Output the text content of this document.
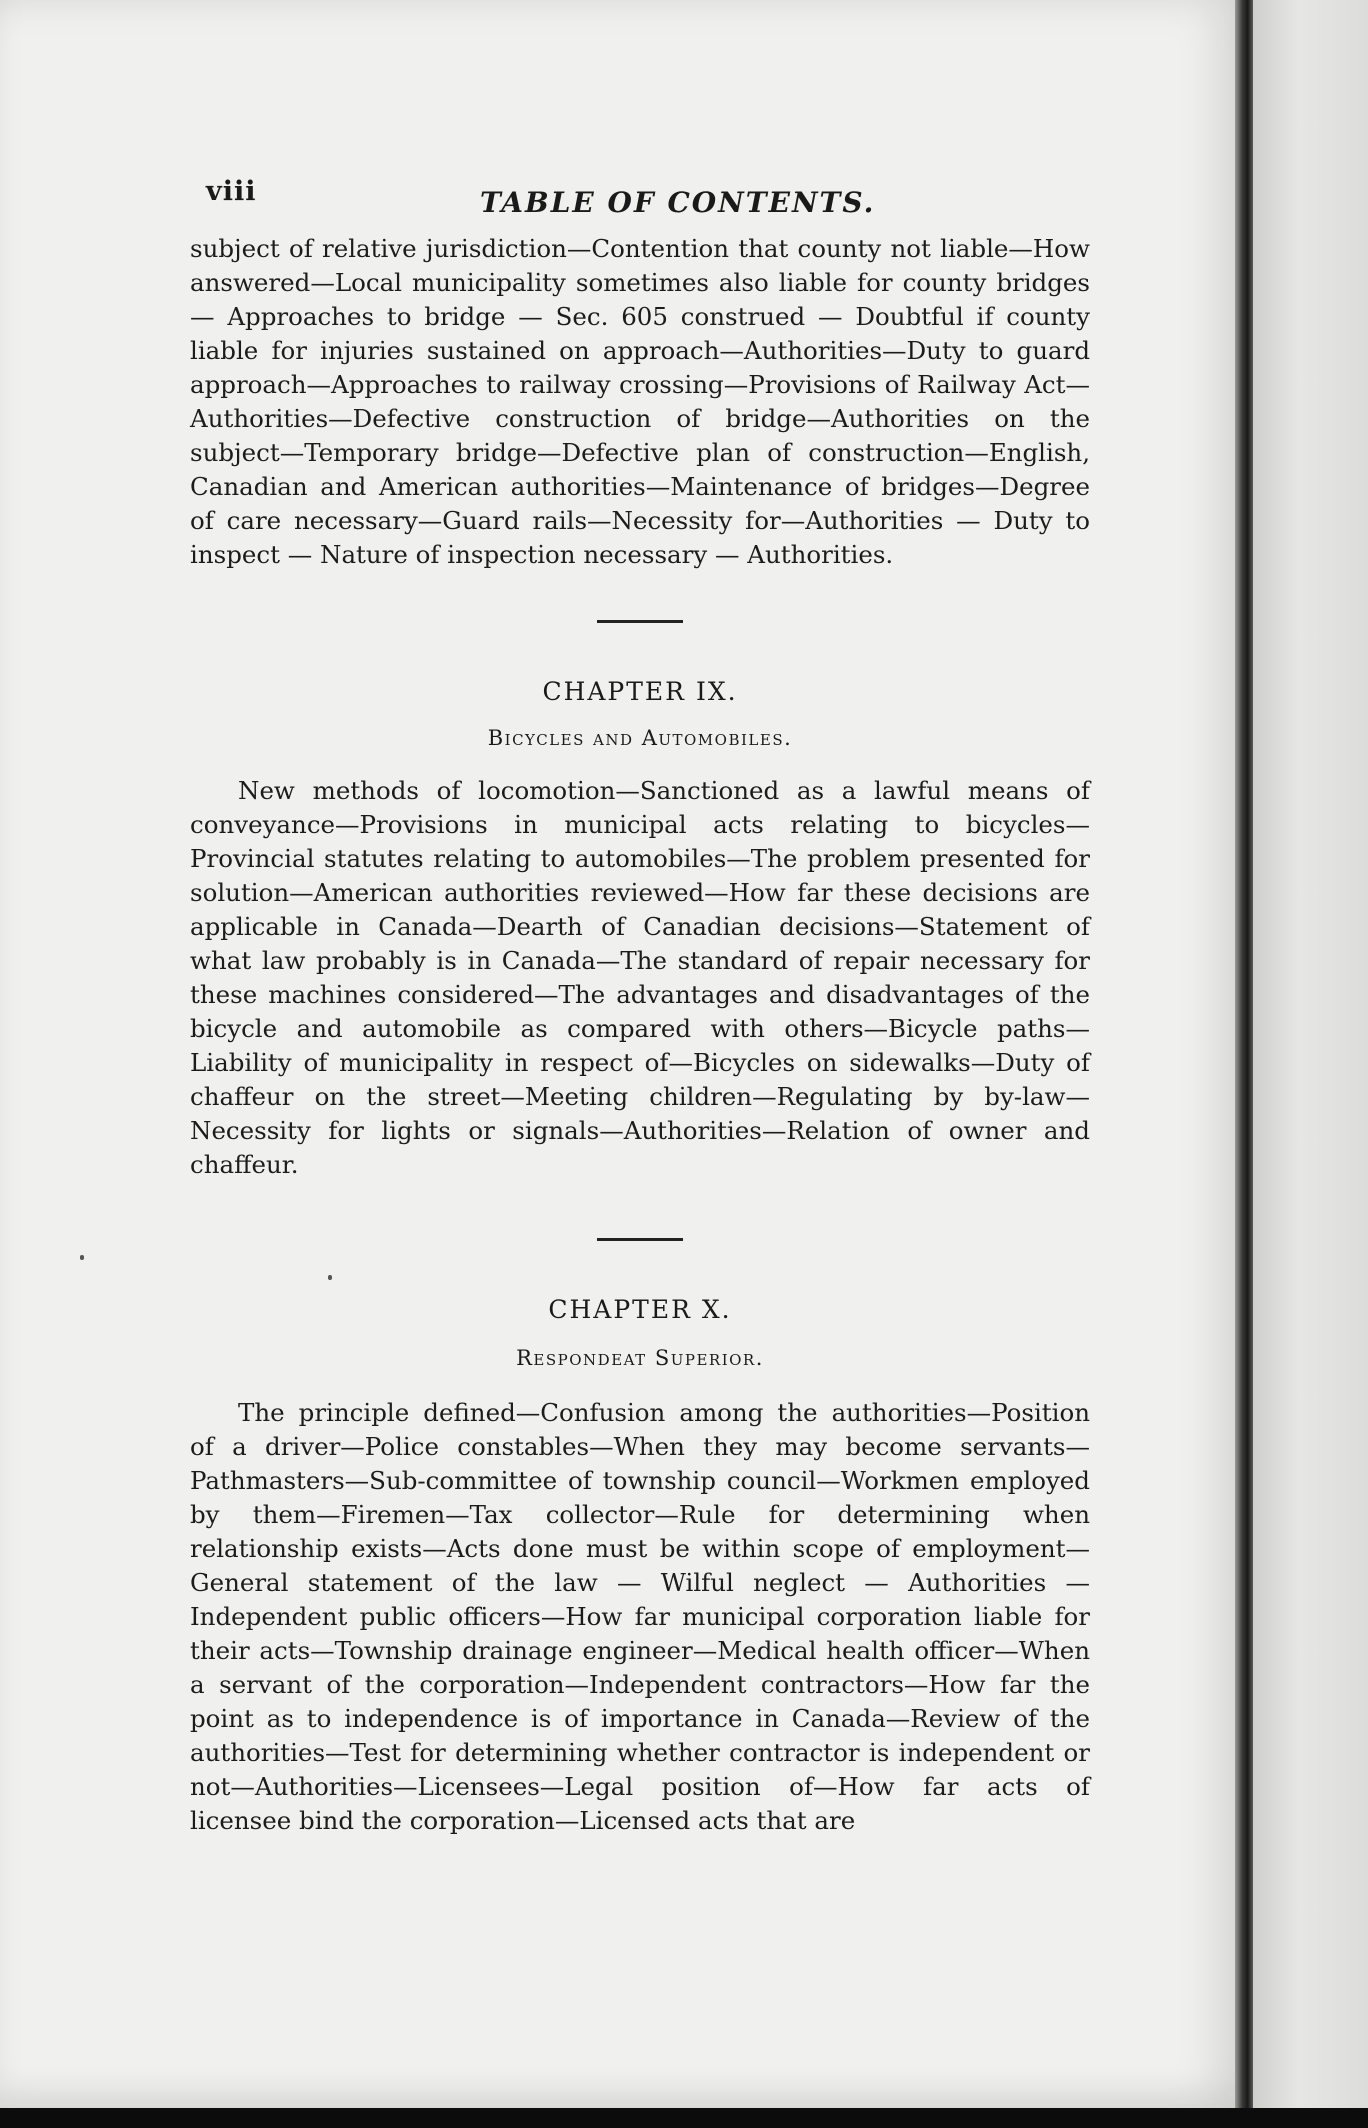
viii	TABLE OF CONTENTS.

subject of relative jurisdiction—Contention that county not liable—How answered—Local municipality sometimes also liable for county bridges — Approaches to bridge — Sec. 605 construed — Doubtful if county liable for injuries sustained on approach—Authorities—Duty to guard approach—Approaches to railway crossing—Provisions of Railway Act—Authorities—Defective construction of bridge—Authorities on the subject—Temporary bridge—Defective plan of construction—English, Canadian and American authorities—Maintenance of bridges—Degree of care necessary—Guard rails—Necessity for—Authorities — Duty to inspect — Nature of inspection necessary — Authorities.

CHAPTER IX.

Bicycles and Automobiles.

New methods of locomotion—Sanctioned as a lawful means of conveyance—Provisions in municipal acts relating to bicycles—Provincial statutes relating to automobiles—The problem presented for solution—American authorities reviewed—How far these decisions are applicable in Canada—Dearth of Canadian decisions—Statement of what law probably is in Canada—The standard of repair necessary for these machines considered—The advantages and disadvantages of the bicycle and automobile as compared with others—Bicycle paths—Liability of municipality in respect of—Bicycles on sidewalks—Duty of chaffeur on the street—Meeting children—Regulating by by-law—Necessity for lights or signals—Authorities—Relation of owner and chaffeur.

CHAPTER X.

Respondeat Superior.

The principle defined—Confusion among the authorities—Position of a driver—Police constables—When they may become servants—Pathmasters—Sub-committee of township council—Workmen employed by them—Firemen—Tax collector—Rule for determining when relationship exists—Acts done must be within scope of employment—General statement of the law — Wilful neglect — Authorities — Independent public officers—How far municipal corporation liable for their acts—Township drainage engineer—Medical health officer—When a servant of the corporation—Independent contractors—How far the point as to independence is of importance in Canada—Review of the authorities—Test for determining whether contractor is independent or not—Authorities—Licensees—Legal position of—How far acts of licensee bind the corporation—Licensed acts that are
